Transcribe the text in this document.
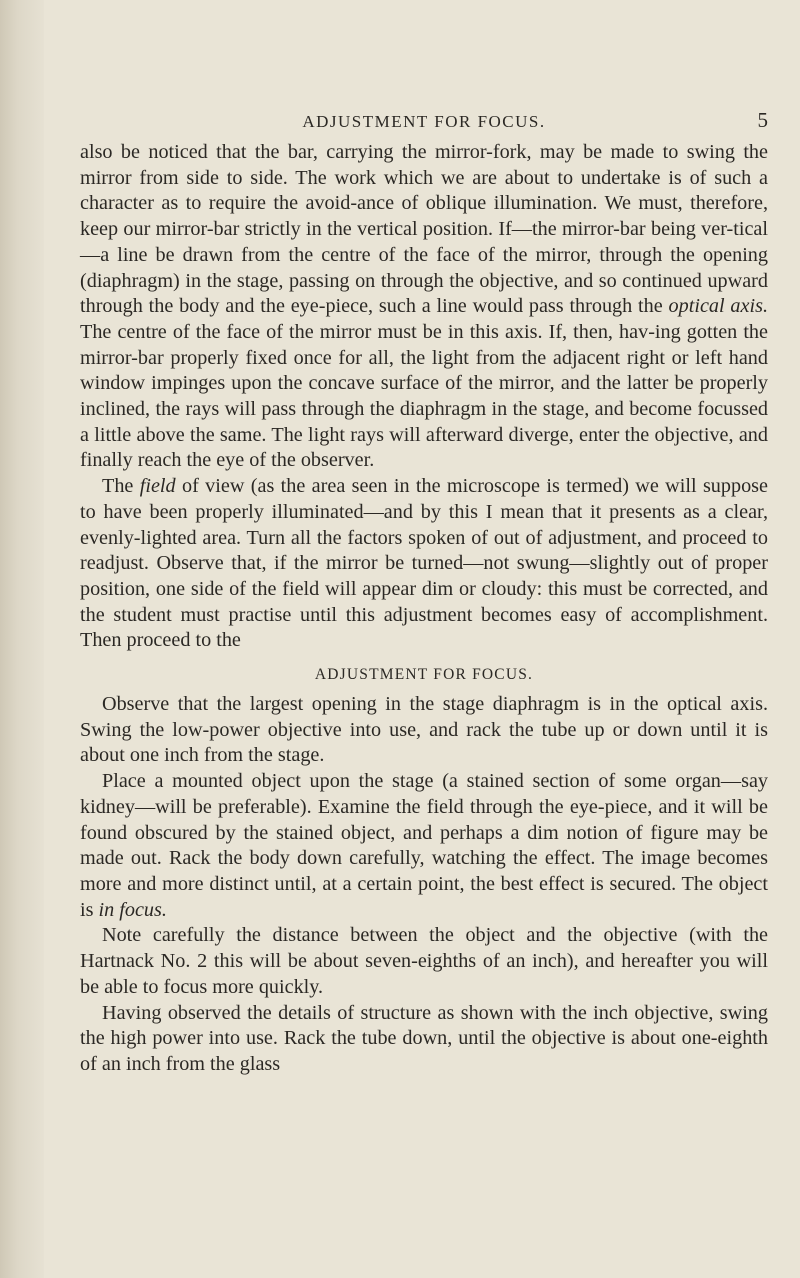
ADJUSTMENT FOR FOCUS.	5

also be noticed that the bar, carrying the mirror-fork, may be made to swing the mirror from side to side. The work which we are about to undertake is of such a character as to require the avoid-ance of oblique illumination. We must, therefore, keep our mirror-bar strictly in the vertical position. If—the mirror-bar being ver-tical—a line be drawn from the centre of the face of the mirror, through the opening (diaphragm) in the stage, passing on through the objective, and so continued upward through the body and the eye-piece, such a line would pass through the optical axis. The centre of the face of the mirror must be in this axis. If, then, hav-ing gotten the mirror-bar properly fixed once for all, the light from the adjacent right or left hand window impinges upon the concave surface of the mirror, and the latter be properly inclined, the rays will pass through the diaphragm in the stage, and become focussed a little above the same. The light rays will afterward diverge, enter the objective, and finally reach the eye of the observer.

The field of view (as the area seen in the microscope is termed) we will suppose to have been properly illuminated—and by this I mean that it presents as a clear, evenly-lighted area. Turn all the factors spoken of out of adjustment, and proceed to readjust. Observe that, if the mirror be turned—not swung—slightly out of proper position, one side of the field will appear dim or cloudy: this must be corrected, and the student must practise until this adjustment becomes easy of accomplishment. Then proceed to the

ADJUSTMENT FOR FOCUS.

Observe that the largest opening in the stage diaphragm is in the optical axis. Swing the low-power objective into use, and rack the tube up or down until it is about one inch from the stage.

Place a mounted object upon the stage (a stained section of some organ—say kidney—will be preferable). Examine the field through the eye-piece, and it will be found obscured by the stained object, and perhaps a dim notion of figure may be made out. Rack the body down carefully, watching the effect. The image becomes more and more distinct until, at a certain point, the best effect is secured. The object is in focus.

Note carefully the distance between the object and the objective (with the Hartnack No. 2 this will be about seven-eighths of an inch), and hereafter you will be able to focus more quickly.

Having observed the details of structure as shown with the inch objective, swing the high power into use. Rack the tube down, until the objective is about one-eighth of an inch from the glass
